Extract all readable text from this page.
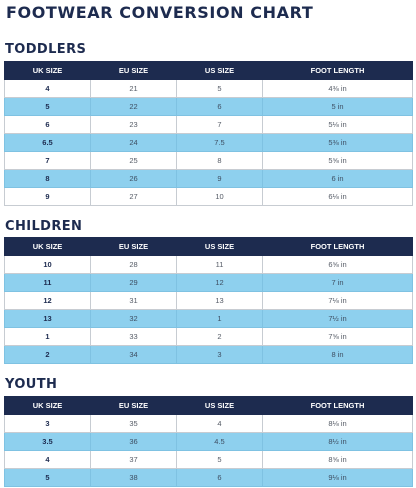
FOOTWEAR CONVERSION CHART
TODDLERS
UK SIZE	EU SIZE	US SIZE	FOOT LENGTH
4	21	5	4⅜ in
5	22	6	5 in
6	23	7	5⅛ in
6.5	24	7.5	5⅜ in
7	25	8	5⅝ in
8	26	9	6 in
9	27	10	6⅛ in
CHILDREN
UK SIZE	EU SIZE	US SIZE	FOOT LENGTH
10	28	11	6⅝ in
11	29	12	7 in
12	31	13	7⅛ in
13	32	1	7½ in
1	33	2	7⅝ in
2	34	3	8 in
YOUTH
UK SIZE	EU SIZE	US SIZE	FOOT LENGTH
3	35	4	8⅛ in
3.5	36	4.5	8½ in
4	37	5	8⅝ in
5	38	6	9⅛ in
